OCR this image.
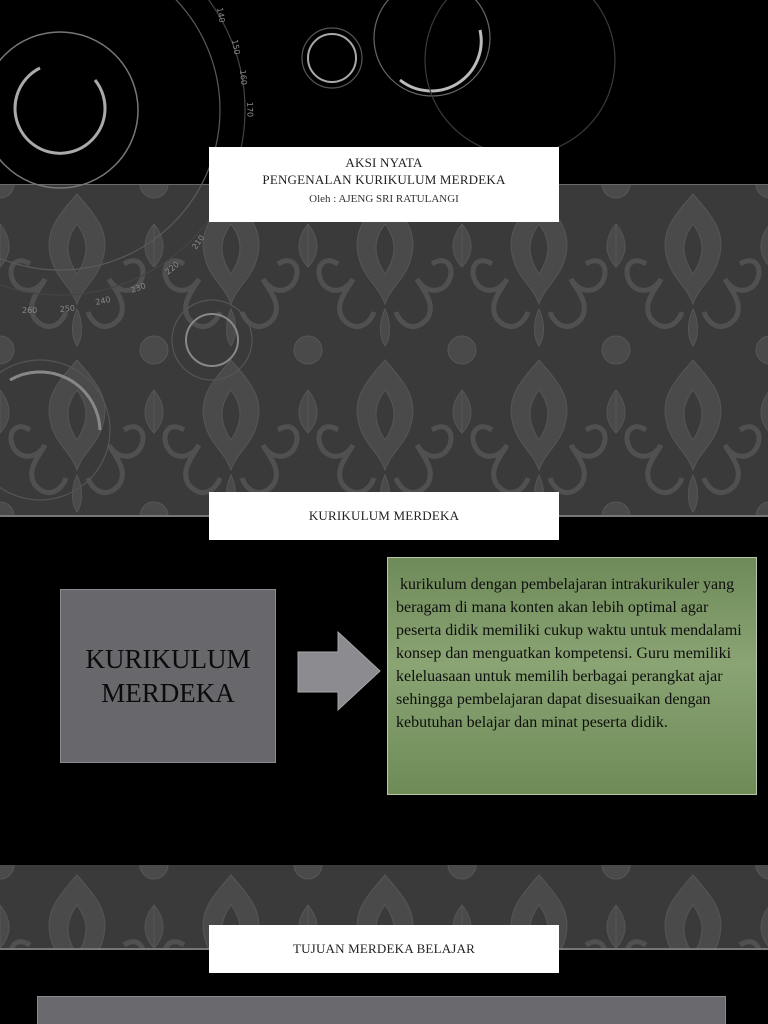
140
150
160
170
210
220
230
240
250
260
AKSI NYATA
PENGENALAN KURIKULUM MERDEKA
Oleh : AJENG SRI RATULANGI
KURIKULUM MERDEKA
KURIKULUM
MERDEKA
kurikulum dengan pembelajaran intrakurikuler yang beragam di mana konten akan lebih optimal agar peserta didik memiliki cukup waktu untuk mendalami konsep dan menguatkan kompetensi. Guru memiliki keleluasaan untuk memilih berbagai perangkat ajar sehingga pembelajaran dapat disesuaikan dengan kebutuhan belajar dan minat peserta didik.
TUJUAN MERDEKA BELAJAR
